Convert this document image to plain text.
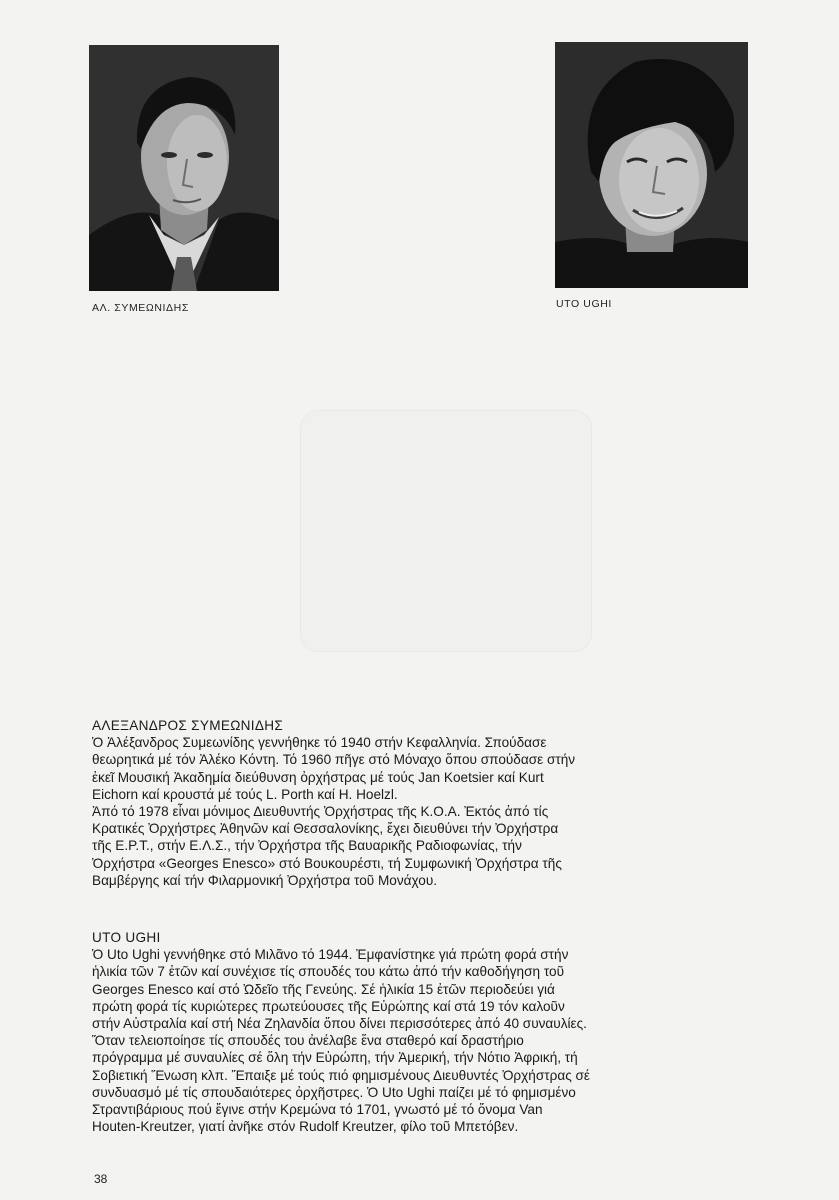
ΑΛ. ΣΥΜΕΩΝΙΔΗΣ	UTO UGHI
ΑΛΕΞΑΝΔΡΟΣ ΣΥΜΕΩΝΙΔΗΣ
Ὁ Ἀλέξανδρος Συμεωνίδης γεννήθηκε τό 1940 στήν Κεφαλληνία. Σπούδασε
θεωρητικά μέ τόν Ἀλέκο Κόντη. Τό 1960 πῆγε στό Μόναχο ὅπου σπούδασε στήν
ἐκεῖ Μουσική Ἀκαδημία διεύθυνση ὀρχήστρας μέ τούς Jan Koetsier καί Kurt
Eichorn καί κρουστά μέ τούς L. Porth καί H. Hoelzl.
Ἀπό τό 1978 εἶναι μόνιμος Διευθυντής Ὀρχήστρας τῆς Κ.Ο.Α. Ἐκτός ἀπό τίς
Κρατικές Ὀρχήστρες Ἀθηνῶν καί Θεσσαλονίκης, ἔχει διευθύνει τήν Ὀρχήστρα
τῆς Ε.Ρ.Τ., στήν Ε.Λ.Σ., τήν Ὀρχήστρα τῆς Βαυαρικῆς Ραδιοφωνίας, τήν
Ὀρχήστρα «Georges Enesco» στό Βουκουρέστι, τή Συμφωνική Ὀρχήστρα τῆς
Βαμβέργης καί τήν Φιλαρμονική Ὀρχήστρα τοῦ Μονάχου.
UTO UGHI
Ὁ Uto Ughi γεννήθηκε στό Μιλᾶνο τό 1944. Ἐμφανίστηκε γιά πρώτη φορά στήν
ἡλικία τῶν 7 ἐτῶν καί συνέχισε τίς σπουδές του κάτω ἀπό τήν καθοδήγηση τοῦ
Georges Enesco καί στό Ὠδεῖο τῆς Γενεύης. Σέ ἡλικία 15 ἐτῶν περιοδεύει γιά
πρώτη φορά τίς κυριώτερες πρωτεύουσες τῆς Εὐρώπης καί στά 19 τόν καλοῦν
στήν Αὐστραλία καί στή Νέα Ζηλανδία ὅπου δίνει περισσότερες ἀπό 40 συναυλίες.
Ὅταν τελειοποίησε τίς σπουδές του ἀνέλαβε ἕνα σταθερό καί δραστήριο
πρόγραμμα μέ συναυλίες σέ ὅλη τήν Εὐρώπη, τήν Ἀμερική, τήν Νότιο Ἀφρική, τή
Σοβιετική Ἕνωση κλπ. Ἔπαιξε μέ τούς πιό φημισμένους Διευθυντές Ὀρχήστρας σέ
συνδυασμό μέ τίς σπουδαιότερες ὀρχῆστρες. Ὁ Uto Ughi παίζει μέ τό φημισμένο
Στραντιβάριους πού ἔγινε στήν Κρεμώνα τό 1701, γνωστό μέ τό ὄνομα Van
Houten-Kreutzer, γιατί ἀνῆκε στόν Rudolf Kreutzer, φίλο τοῦ Μπετόβεν.
38
